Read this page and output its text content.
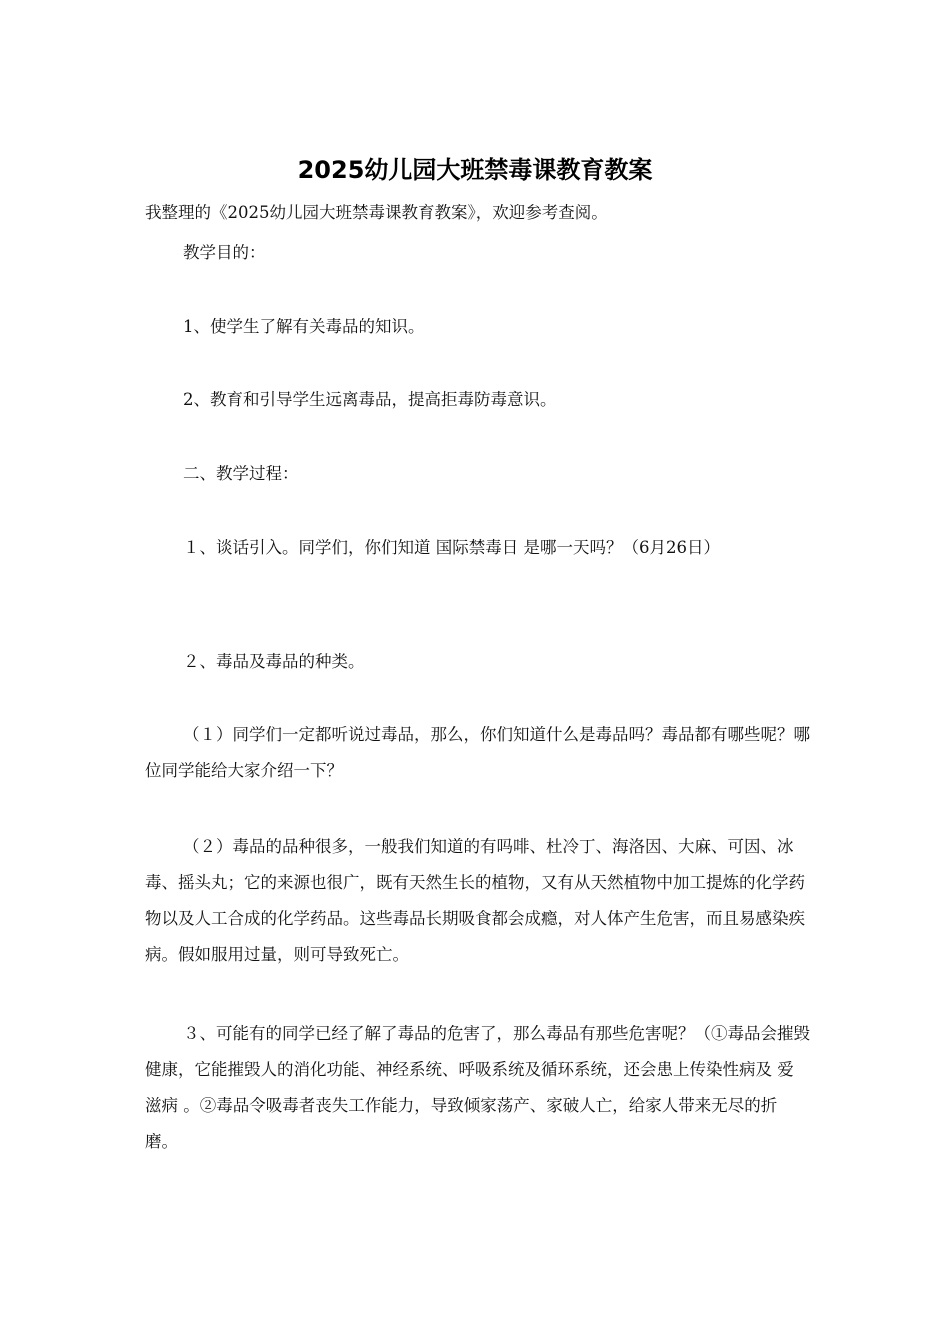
2025幼儿园大班禁毒课教育教案
我整理的《2025幼儿园大班禁毒课教育教案》，欢迎参考查阅。
教学目的：
1、使学生了解有关毒品的知识。
2、教育和引导学生远离毒品，提高拒毒防毒意识。
二、教学过程：
１、谈话引入。同学们，你们知道 国际禁毒日 是哪一天吗？（6月26日）
２、毒品及毒品的种类。
（１）同学们一定都听说过毒品，那么，你们知道什么是毒品吗？毒品都有哪些呢？哪位同学能给大家介绍一下？
（２）毒品的品种很多，一般我们知道的有吗啡、杜冷丁、海洛因、大麻、可因、冰毒、摇头丸；它的来源也很广，既有天然生长的植物，又有从天然植物中加工提炼的化学药物以及人工合成的化学药品。这些毒品长期吸食都会成瘾，对人体产生危害，而且易感染疾病。假如服用过量，则可导致死亡。
３、可能有的同学已经了解了毒品的危害了，那么毒品有那些危害呢？（①毒品会摧毁健康，它能摧毁人的消化功能、神经系统、呼吸系统及循环系统，还会患上传染性病及 爱滋病 。②毒品令吸毒者丧失工作能力，导致倾家荡产、家破人亡，给家人带来无尽的折磨。
